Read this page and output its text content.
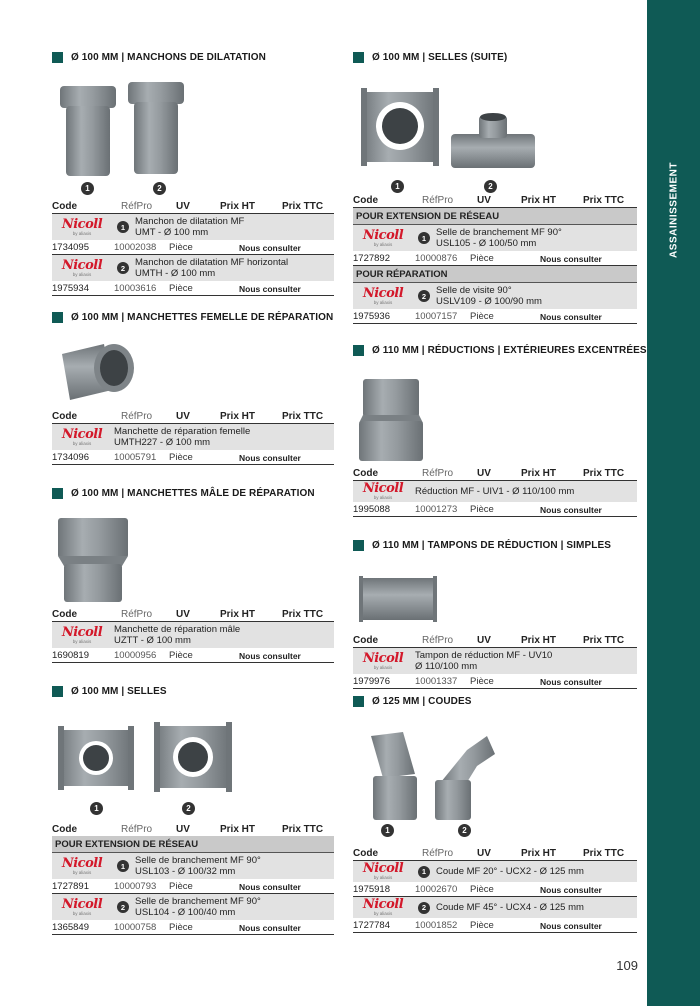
ASSAINISSEMENT
Ø 100 MM | MANCHONS DE DILATATION
1	2
Code	RéfPro	UV	Prix HT	Prix TTC
Nicoll
by aliaxis
1	Manchon de dilatation MF
UMT - Ø 100 mm
1734095	10002038	Pièce	Nous consulter
Nicoll
by aliaxis
2	Manchon de dilatation MF horizontal
UMTH - Ø 100 mm
1975934	10003616	Pièce	Nous consulter
Ø 100 MM | MANCHETTES FEMELLE DE RÉPARATION
Code	RéfPro	UV	Prix HT	Prix TTC
Nicoll
by aliaxis
Manchette de réparation femelle
UMTH227 - Ø 100 mm
1734096	10005791	Pièce	Nous consulter
Ø 100 MM | MANCHETTES MÂLE DE RÉPARATION
Code	RéfPro	UV	Prix HT	Prix TTC
Nicoll
by aliaxis
Manchette de réparation mâle
UZTT - Ø 100 mm
1690819	10000956	Pièce	Nous consulter
Ø 100 MM | SELLES
1	2
Code	RéfPro	UV	Prix HT	Prix TTC
POUR EXTENSION DE RÉSEAU
Nicoll
by aliaxis
1	Selle de branchement MF 90°
USL103 - Ø 100/32 mm
1727891	10000793	Pièce	Nous consulter
Nicoll
by aliaxis
2	Selle de branchement MF 90°
USL104 - Ø 100/40 mm
1365849	10000758	Pièce	Nous consulter
Ø 100 MM | SELLES (SUITE)
1	2
Code	RéfPro	UV	Prix HT	Prix TTC
POUR EXTENSION DE RÉSEAU
Nicoll
by aliaxis
1	Selle de branchement MF 90°
USL105 - Ø 100/50 mm
1727892	10000876	Pièce	Nous consulter
POUR RÉPARATION
Nicoll
by aliaxis
2	Selle de visite 90°
USLV109 - Ø 100/90 mm
1975936	10007157	Pièce	Nous consulter
Ø 110 MM | RÉDUCTIONS | EXTÉRIEURES EXCENTRÉES
Code	RéfPro	UV	Prix HT	Prix TTC
Nicoll
by aliaxis
Réduction MF - UIV1 - Ø 110/100 mm
1995088	10001273	Pièce	Nous consulter
Ø 110 MM | TAMPONS DE RÉDUCTION | SIMPLES
Code	RéfPro	UV	Prix HT	Prix TTC
Nicoll
by aliaxis
Tampon de réduction MF - UV10
Ø 110/100 mm
1979976	10001337	Pièce	Nous consulter
Ø 125 MM | COUDES
1	2
Code	RéfPro	UV	Prix HT	Prix TTC
Nicoll
by aliaxis
1	Coude MF 20° - UCX2 - Ø 125 mm
1975918	10002670	Pièce	Nous consulter
Nicoll
by aliaxis
2	Coude MF 45° - UCX4 - Ø 125 mm
1727784	10001852	Pièce	Nous consulter
109
